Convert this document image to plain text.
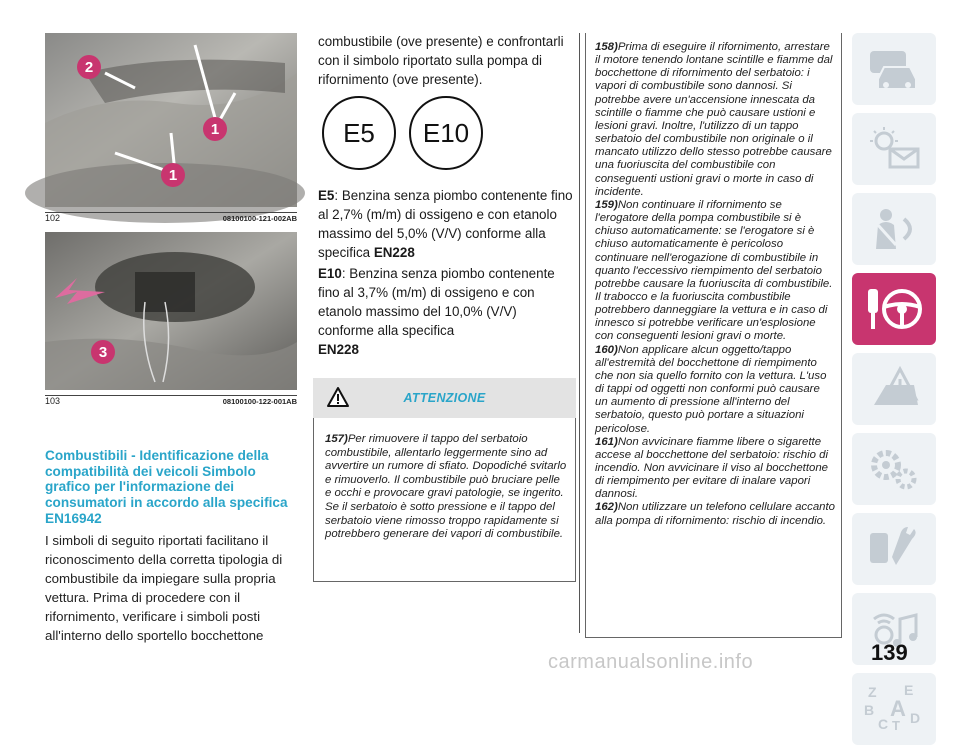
2
1
1
102	08100100-121-002AB
3
103	08100100-122-001AB
Combustibili - Identificazione della compatibilità dei veicoli Simbolo grafico per l'informazione dei consumatori in accordo alla specifica EN16942

I simboli di seguito riportati facilitano il riconoscimento della corretta tipologia di combustibile da impiegare sulla propria vettura. Prima di procedere con il rifornimento, verificare i simboli posti all'interno dello sportello bocchettone

combustibile (ove presente) e confrontarli con il simbolo riportato sulla pompa di rifornimento (ove presente).

E5 E10

E5: Benzina senza piombo contenente fino al 2,7% (m/m) di ossigeno e con etanolo massimo del 5,0% (V/V) conforme alla specifica EN228

E10: Benzina senza piombo contenente fino al 3,7% (m/m) di ossigeno e con etanolo massimo del 10,0% (V/V) conforme alla specifica
EN228

ATTENZIONE

157)Per rimuovere il tappo del serbatoio combustibile, allentarlo leggermente sino ad avvertire un rumore di sfiato. Dopodiché svitarlo e rimuoverlo. Il combustibile può bruciare pelle e occhi e provocare gravi patologie, se ingerito. Se il serbatoio è sotto pressione e il tappo del serbatoio viene rimosso troppo rapidamente si potrebbero generare dei vapori di combustibile.

158)Prima di eseguire il rifornimento, arrestare il motore tenendo lontane scintille e fiamme dal bocchettone di rifornimento del serbatoio: i vapori di combustibile sono dannosi. Si potrebbe avere un'accensione innescata da scintille o fiamme che può causare ustioni e lesioni gravi. Inoltre, l'utilizzo di un tappo serbatoio del combustibile non originale o il mancato utilizzo dello stesso potrebbe causare una fuoriuscita del combustibile con conseguenti ustioni gravi o morte in caso di incidente.

159)Non continuare il rifornimento se l'erogatore della pompa combustibile si è chiuso automaticamente: se l'erogatore si è chiuso automaticamente è pericoloso continuare nell'erogazione di combustibile in quanto l'eccessivo riempimento del serbatoio potrebbe causare la fuoriuscita di combustibile. Il trabocco e la fuoriuscita combustibile potrebbero danneggiare la vettura e in caso di innesco si potrebbe verificare un'esplosione con conseguenti lesioni gravi o morte.

160)Non applicare alcun oggetto/tappo all'estremità del bocchettone di riempimento che non sia quello fornito con la vettura. L'uso di tappi od oggetti non conformi può causare un aumento di pressione all'interno del serbatoio, questo può portare a situazioni pericolose.

161)Non avvicinare fiamme libere o sigarette accese al bocchettone del serbatoio: rischio di incendio. Non avvicinare il viso al bocchettone di riempimento per evitare di inalare vapori dannosi.

162)Non utilizzare un telefono cellulare accanto alla pompa di rifornimento: rischio di incendio.

Z E
B A
C T D
139
carmanualsonline.info
